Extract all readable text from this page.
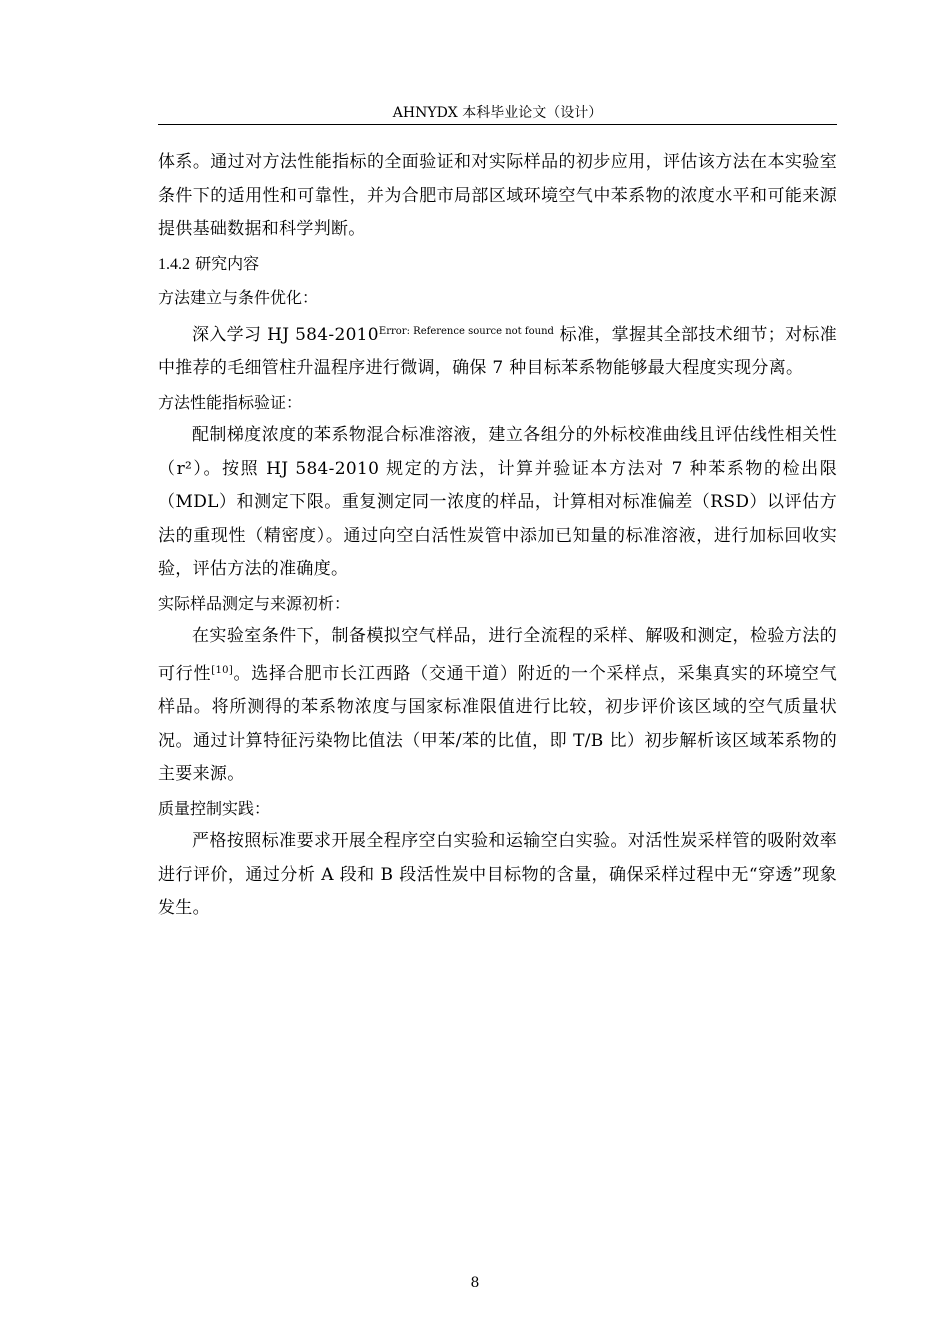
AHNYDX 本科毕业论文（设计）

体系。通过对方法性能指标的全面验证和对实际样品的初步应用，评估该方法在本实验室条件下的适用性和可靠性，并为合肥市局部区域环境空气中苯系物的浓度水平和可能来源提供基础数据和科学判断。

1.4.2 研究内容

方法建立与条件优化：

深入学习 HJ $584-2010^{Error: Reference source not found}$ 标准，掌握其全部技术细节；对标准中推荐的毛细管柱升温程序进行微调，确保 7 种目标苯系物能够最大程度实现分离。

方法性能指标验证：

配制梯度浓度的苯系物混合标准溶液，建立各组分的外标校准曲线且评估线性相关性（r²）。按照 HJ 584-2010 规定的方法，计算并验证本方法对 7 种苯系物的检出限（MDL）和测定下限。重复测定同一浓度的样品，计算相对标准偏差（RSD）以评估方法的重现性（精密度）。通过向空白活性炭管中添加已知量的标准溶液，进行加标回收实验，评估方法的准确度。

实际样品测定与来源初析：

在实验室条件下，制备模拟空气样品，进行全流程的采样、解吸和测定，检验方法的可行性[10]。选择合肥市长江西路（交通干道）附近的一个采样点，采集真实的环境空气样品。将所测得的苯系物浓度与国家标准限值进行比较，初步评价该区域的空气质量状况。通过计算特征污染物比值法（甲苯/苯的比值，即 T/B 比）初步解析该区域苯系物的主要来源。

质量控制实践：

严格按照标准要求开展全程序空白实验和运输空白实验。对活性炭采样管的吸附效率进行评价，通过分析 A 段和 B 段活性炭中目标物的含量，确保采样过程中无“穿透”现象发生。

8
